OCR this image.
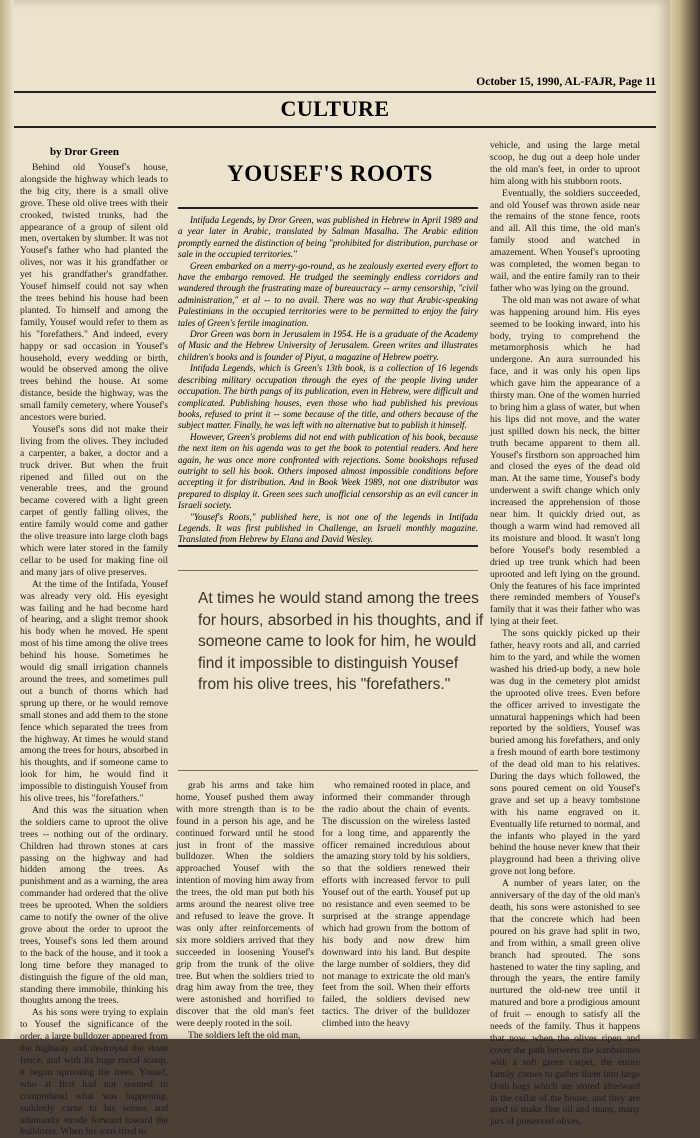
October 15, 1990, AL-FAJR, Page 11
CULTURE
by Dror Green

Behind old Yousef's house, alongside the highway which leads to the big city, there is a small olive grove. These old olive trees with their crooked, twisted trunks, had the appearance of a group of silent old men, overtaken by slumber. It was not Yousef's father who had planted the olives, nor was it his grandfather or yet his grandfather's grandfather. Yousef himself could not say when the trees behind his house had been planted. To himself and among the family, Yousef would refer to them as his "forefathers." And indeed, every happy or sad occasion in Yousef's household, every wedding or birth, would be observed among the olive trees behind the house. At some distance, beside the highway, was the small family cemetery, where Yousef's ancestors were buried.

Yousef's sons did not make their living from the olives. They included a carpenter, a baker, a doctor and a truck driver. But when the fruit ripened and filled out on the venerable trees, and the ground became covered with a light green carpet of gently falling olives, the entire family would come and gather the olive treasure into large cloth bags which were later stored in the family cellar to be used for making fine oil and many jars of olive preserves.

At the time of the Intifada, Yousef was already very old. His eyesight was failing and he had become hard of hearing, and a slight tremor shook his body when he moved. He spent most of his time among the olive trees behind his house. Sometimes he would dig small irrigation channels around the trees, and sometimes pull out a bunch of thorns which had sprung up there, or he would remove small stones and add them to the stone fence which separated the trees from the highway. At times he would stand among the trees for hours, absorbed in his thoughts, and if someone came to look for him, he would find it impossible to distinguish Yousef from his olive trees, his "forefathers."

And this was the situation when the soldiers came to uproot the olive trees -- nothing out of the ordinary. Children had thrown stones at cars passing on the highway and had hidden among the trees. As punishment and as a warning, the area commander had ordered that the olive trees be uprooted. When the soldiers came to notify the owner of the olive grove about the order to uproot the trees, Yousef's sons led them around to the back of the house, and it took a long time before they managed to distinguish the figure of the old man, standing there immobile, thinking his thoughts among the trees.

As his sons were trying to explain to Yousef the significance of the order, a large bulldozer appeared from the highway and destroyed the stone fence, and with its huge metal scoop, it began uprooting the trees. Yousef, who at first had not seemed to comprehend what was happening, suddenly came to his senses and adamantly strode forward toward the bulldozer. When his sons tried to

YOUSEF'S ROOTS

Intifada Legends, by Dror Green, was published in Hebrew in April 1989 and a year later in Arabic, translated by Salman Masalha. The Arabic edition promptly earned the distinction of being "prohibited for distribution, purchase or sale in the occupied territories."

Green embarked on a merry-go-round, as he zealously exerted every effort to have the embargo removed. He trudged the seemingly endless corridors and wandered through the frustrating maze of bureaucracy -- army censorship, "civil administration," et al -- to no avail. There was no way that Arabic-speaking Palestinians in the occupied territories were to be permitted to enjoy the fairy tales of Green's fertile imagination.

Dror Green was born in Jerusalem in 1954. He is a graduate of the Academy of Music and the Hebrew University of Jerusalem. Green writes and illustrates children's books and is founder of Piyut, a magazine of Hebrew poetry.

Intifada Legends, which is Green's 13th book, is a collection of 16 legends describing military occupation through the eyes of the people living under occupation. The birth pangs of its publication, even in Hebrew, were difficult and complicated. Publishing houses, even those who had published his previous books, refused to print it -- some because of the title, and others because of the subject matter. Finally, he was left with no alternative but to publish it himself.

However, Green's problems did not end with publication of his book, because the next item on his agenda was to get the book to potential readers. And here again, he was once more confronted with rejections. Some bookshops refused outright to sell his book. Others imposed almost impossible conditions before accepting it for distribution. And in Book Week 1989, not one distributor was prepared to display it. Green sees such unofficial censorship as an evil cancer in Israeli society.

"Yousef's Roots," published here, is not one of the legends in Intifada Legends. It was first published in Challenge, an Israeli monthly magazine. Translated from Hebrew by Elana and David Wesley.

At times he would stand among the trees for hours, absorbed in his thoughts, and if someone came to look for him, he would find it impossible to distinguish Yousef from his olive trees, his "forefathers."

grab his arms and take him home, Yousef pushed them away with more strength than is to be found in a person his age, and he continued forward until he stood just in front of the massive bulldozer. When the soldiers approached Yousef with the intention of moving him away from the trees, the old man put both his arms around the nearest olive tree and refused to leave the grove. It was only after reinforcements of six more soldiers arrived that they succeeded in loosening Yousef's grip from the trunk of the olive tree. But when the soldiers tried to drag him away from the tree, they were astonished and horrified to discover that the old man's feet were deeply rooted in the soil.

The soldiers left the old man,

who remained rooted in place, and informed their commander through the radio about the chain of events. The discussion on the wireless lasted for a long time, and apparently the officer remained incredulous about the amazing story told by his soldiers, so that the soldiers renewed their efforts with increased fervor to pull Yousef out of the earth. Yousef put up no resistance and even seemed to be surprised at the strange appendage which had grown from the bottom of his body and now drew him downward into his land. But despite the large number of soldiers, they did not manage to extricate the old man's feet from the soil. When their efforts failed, the soldiers devised new tactics. The driver of the bulldozer climbed into the heavy

vehicle, and using the large metal scoop, he dug out a deep hole under the old man's feet, in order to uproot him along with his stubborn roots.

Eventually, the soldiers succeeded, and old Yousef was thrown aside near the remains of the stone fence, roots and all. All this time, the old man's family stood and watched in amazement. When Yousef's uprooting was completed, the women began to wail, and the entire family ran to their father who was lying on the ground.

The old man was not aware of what was happening around him. His eyes seemed to be looking inward, into his body, trying to comprehend the metamorphosis which he had undergone. An aura surrounded his face, and it was only his open lips which gave him the appearance of a thirsty man. One of the women hurried to bring him a glass of water, but when his lips did not move, and the water just spilled down his neck, the bitter truth became apparent to them all. Yousef's firstborn son approached him and closed the eyes of the dead old man. At the same time, Yousef's body underwent a swift change which only increased the apprehension of those near him. It quickly dried out, as though a warm wind had removed all its moisture and blood. It wasn't long before Yousef's body resembled a dried up tree trunk which had been uprooted and left lying on the ground. Only the features of his face imprinted there reminded members of Yousef's family that it was their father who was lying at their feet.

The sons quickly picked up their father, heavy roots and all, and carried him to the yard, and while the women washed his dried-up body, a new hole was dug in the cemetery plot amidst the uprooted olive trees. Even before the officer arrived to investigate the unnatural happenings which had been reported by the soldiers, Yousef was buried among his forefathers, and only a fresh mound of earth bore testimony of the dead old man to his relatives. During the days which followed, the sons poured cement on old Yousef's grave and set up a heavy tombstone with his name engraved on it. Eventually life returned to normal, and the infants who played in the yard behind the house never knew that their playground had been a thriving olive grove not long before.

A number of years later, on the anniversary of the day of the old man's death, his sons were astonished to see that the concrete which had been poured on his grave had split in two, and from within, a small green olive branch had sprouted. The sons hastened to water the tiny sapling, and through the years, the entire family nurtured the old-new tree until it matured and bore a prodigious amount of fruit -- enough to satisfy all the needs of the family. Thus it happens that now, when the olives ripen and cover the path between the tombstones with a soft green carpet, the entire family comes to gather them into large cloth bags which are stored afterward in the cellar of the house, and they are used to make fine oil and many, many jars of preserved olives.
